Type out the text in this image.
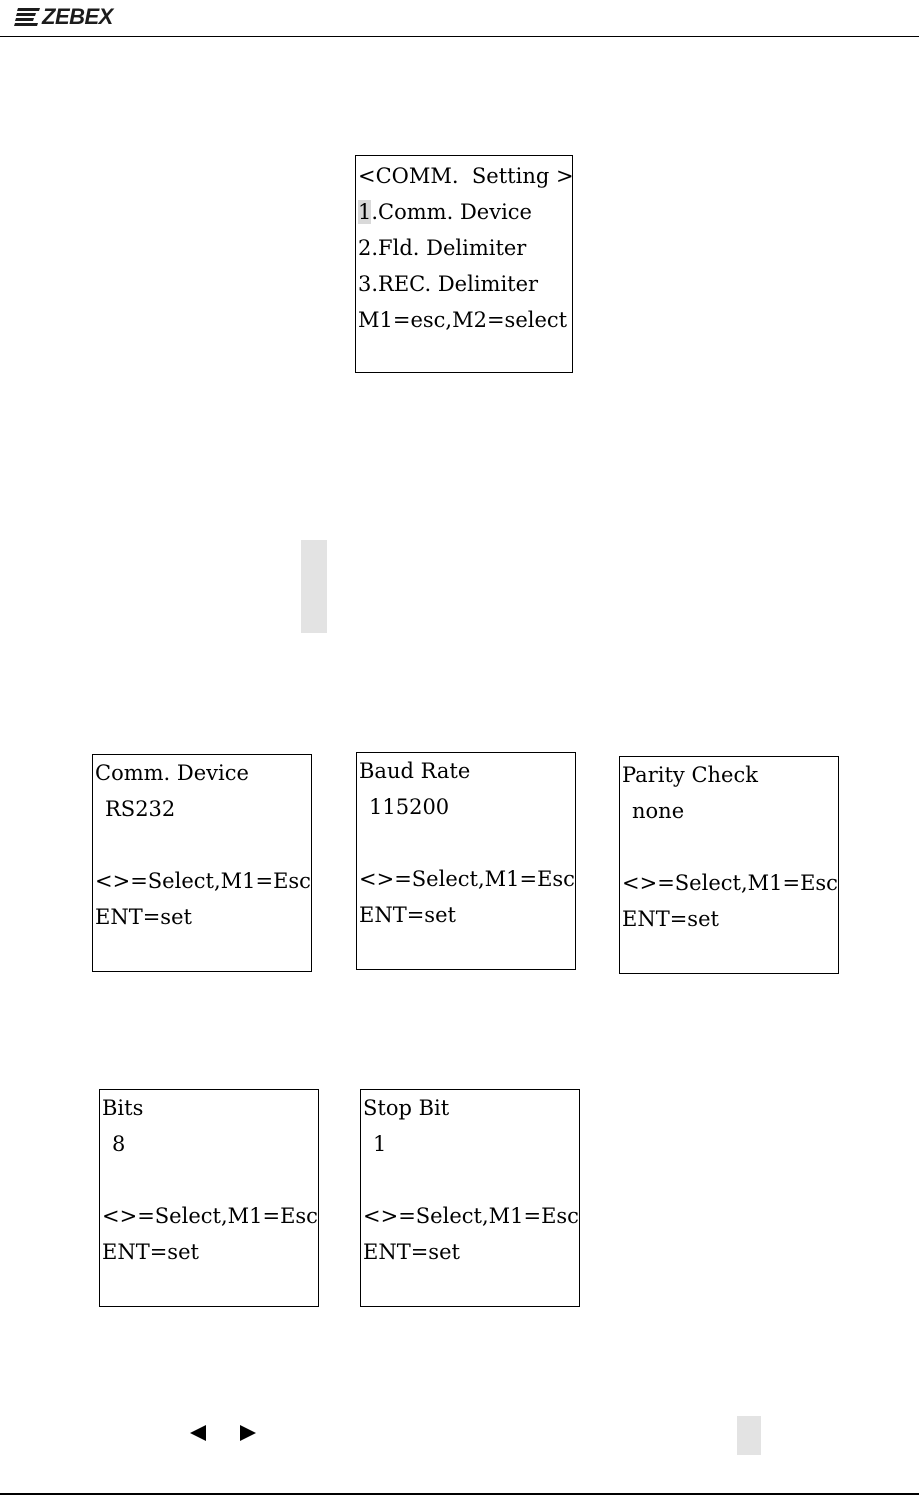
ZEBEX
<COMM.  Setting >
1.Comm. Device
2.Fld. Delimiter
3.REC. Delimiter
M1=esc,M2=select
Comm. Device
RS232
<>=Select,M1=Esc
ENT=set
Baud Rate
115200
<>=Select,M1=Esc
ENT=set
Parity Check
none
<>=Select,M1=Esc
ENT=set
Bits
8
<>=Select,M1=Esc
ENT=set
Stop Bit
1
<>=Select,M1=Esc
ENT=set
